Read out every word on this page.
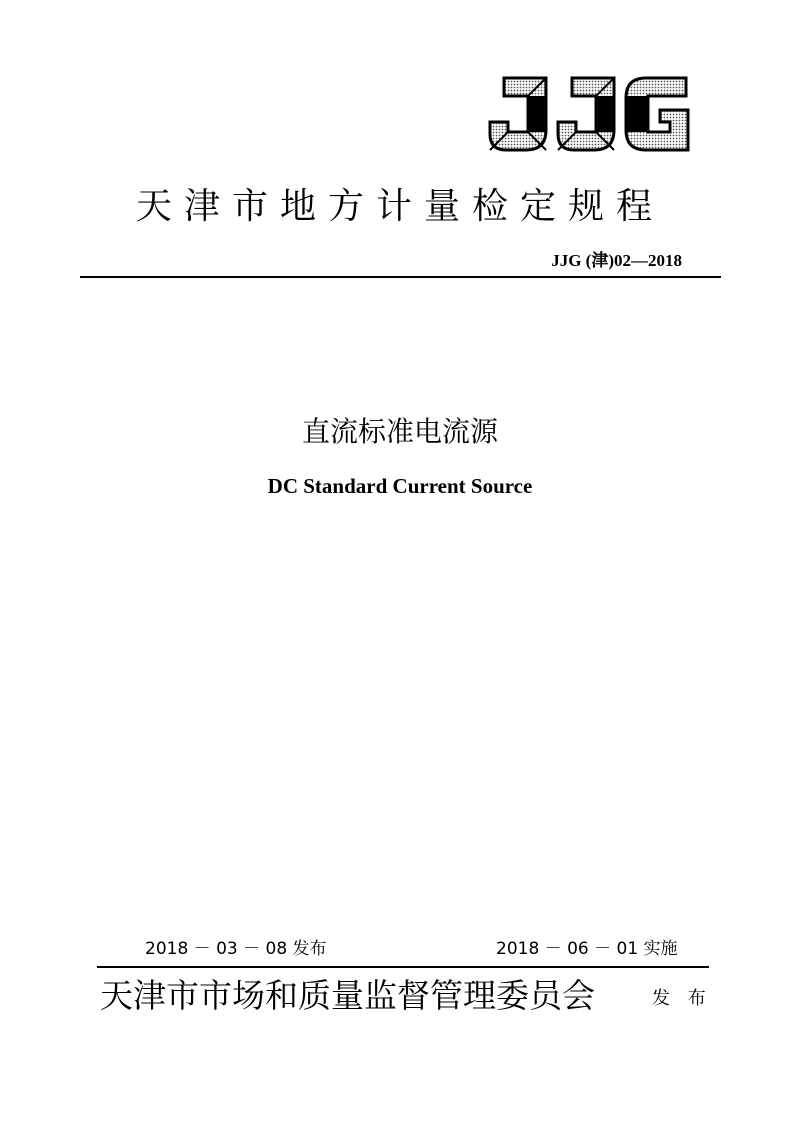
天津市地方计量检定规程
JJG (津)02—2018
直流标准电流源
DC Standard Current Source
2018 － 03 － 08 发布	2018 － 06 － 01 实施
天津市市场和质量监督管理委员会	发 布
